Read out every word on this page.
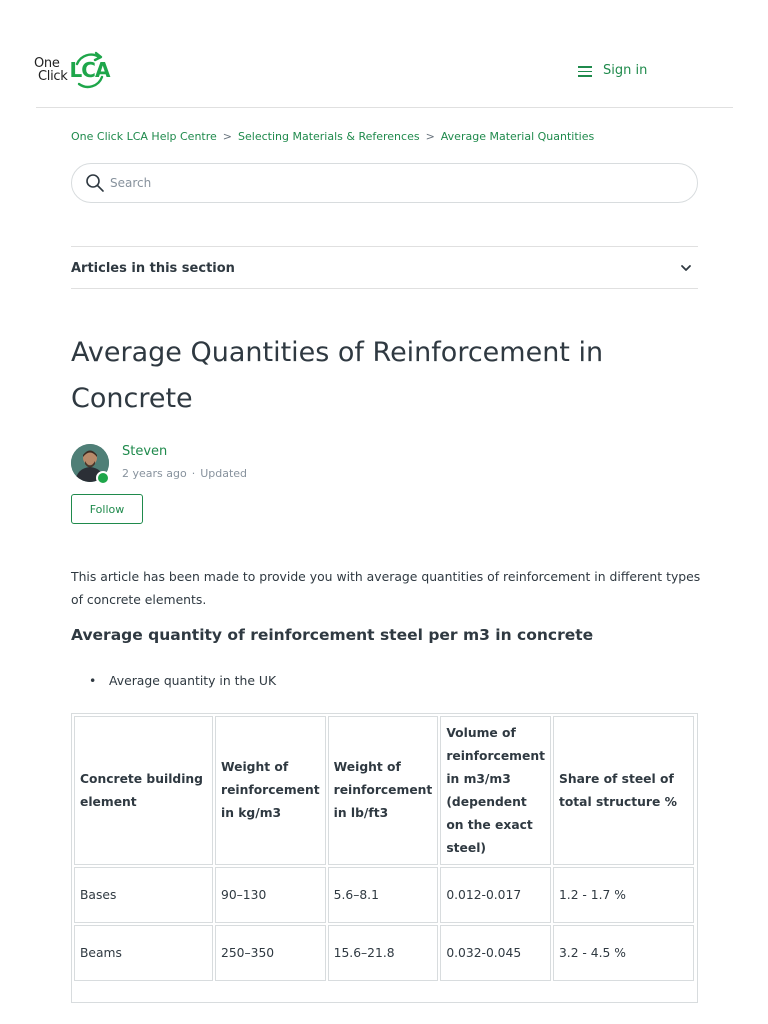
One
Click LCA	Sign in
One Click LCA Help Centre > Selecting Materials & References > Average Material Quantities
Search
Articles in this section
Average Quantities of Reinforcement in Concrete
Steven
2 years ago · Updated
Follow

This article has been made to provide you with average quantities of reinforcement in different types of concrete elements.

Average quantity of reinforcement steel per m3 in concrete
• Average quantity in the UK
Concrete building element	Weight of reinforcement in kg/m3	Weight of reinforcement in lb/ft3	Volume of reinforcement in m3/m3 (dependent on the exact steel)	Share of steel of total structure %
Bases	90–130	5.6–8.1	0.012-0.017	1.2 - 1.7 %
Beams	250–350	15.6–21.8	0.032-0.045	3.2 - 4.5 %
